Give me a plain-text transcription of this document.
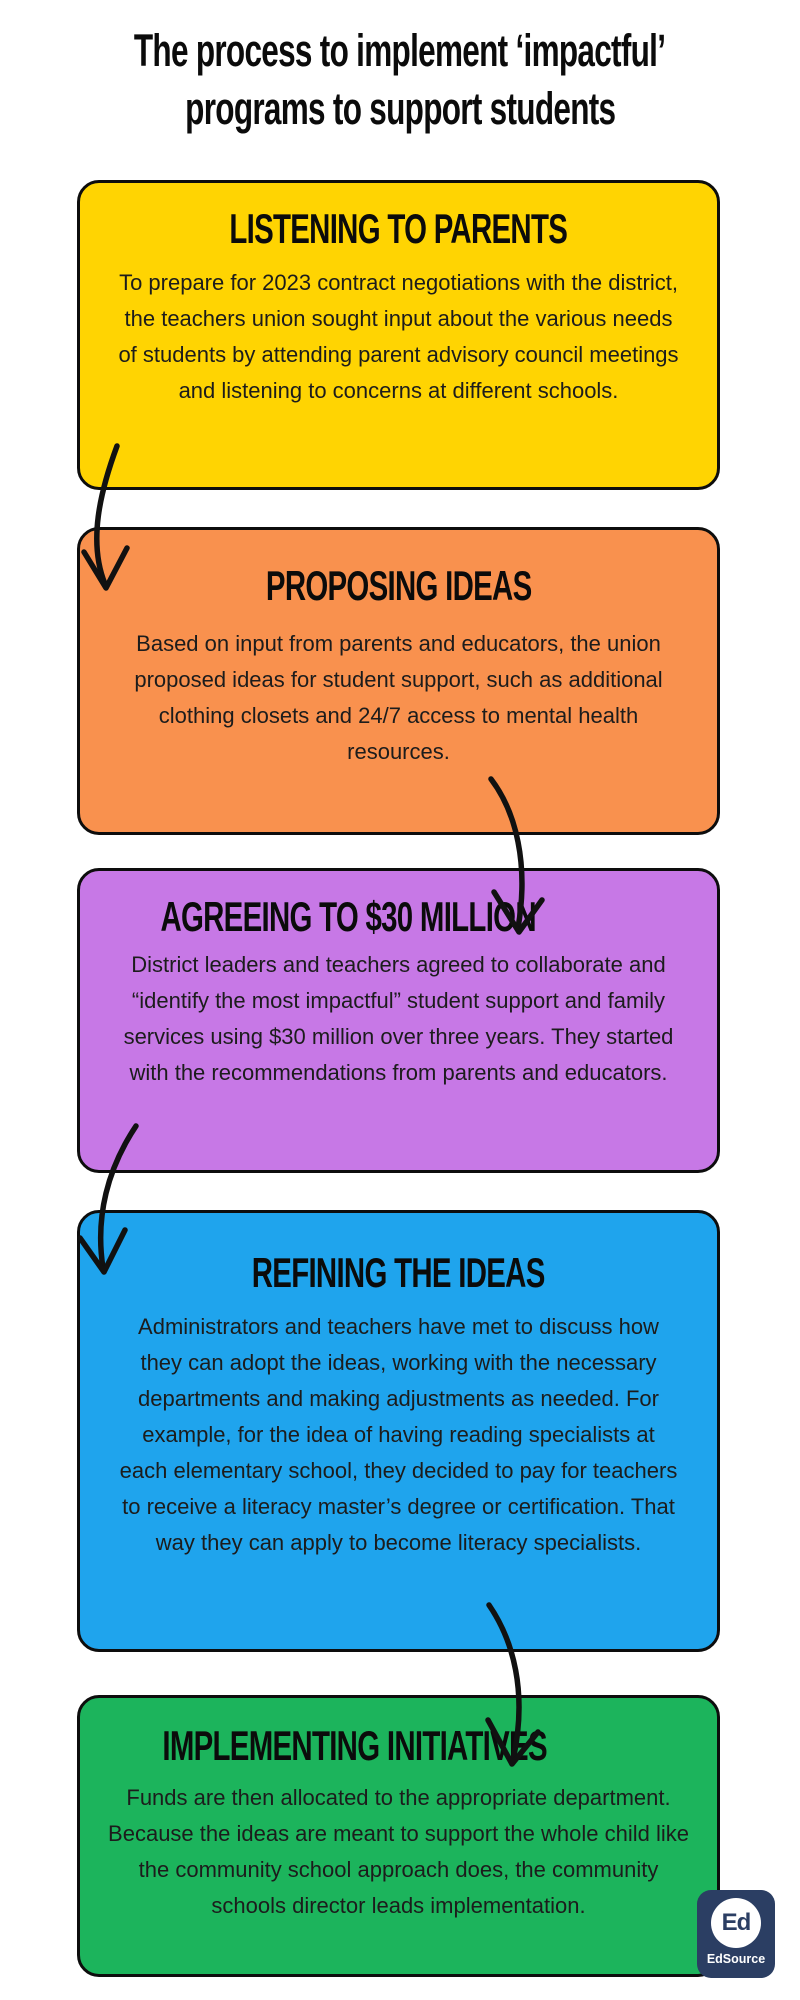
The process to implement ‘impactful’
programs to support students
LISTENING TO PARENTS
To prepare for 2023 contract negotiations with the district, the teachers union sought input about the various needs of students by attending parent advisory council meetings and listening to concerns at different schools.
PROPOSING IDEAS
Based on input from parents and educators, the union proposed ideas for student support, such as additional clothing closets and 24/7 access to mental health resources.
AGREEING TO $30 MILLION
District leaders and teachers agreed to collaborate and “identify the most impactful” student support and family services using $30 million over three years. They started with the recommendations from parents and educators.
REFINING THE IDEAS
Administrators and teachers have met to discuss how they can adopt the ideas, working with the necessary departments and making adjustments as needed. For example, for the idea of having reading specialists at each elementary school, they decided to pay for teachers to receive a literacy master’s degree or certification. That way they can apply to become literacy specialists.
IMPLEMENTING INITIATIVES
Funds are then allocated to the appropriate department. Because the ideas are meant to support the whole child like the community school approach does, the community schools director leads implementation.
Ed
EdSource
